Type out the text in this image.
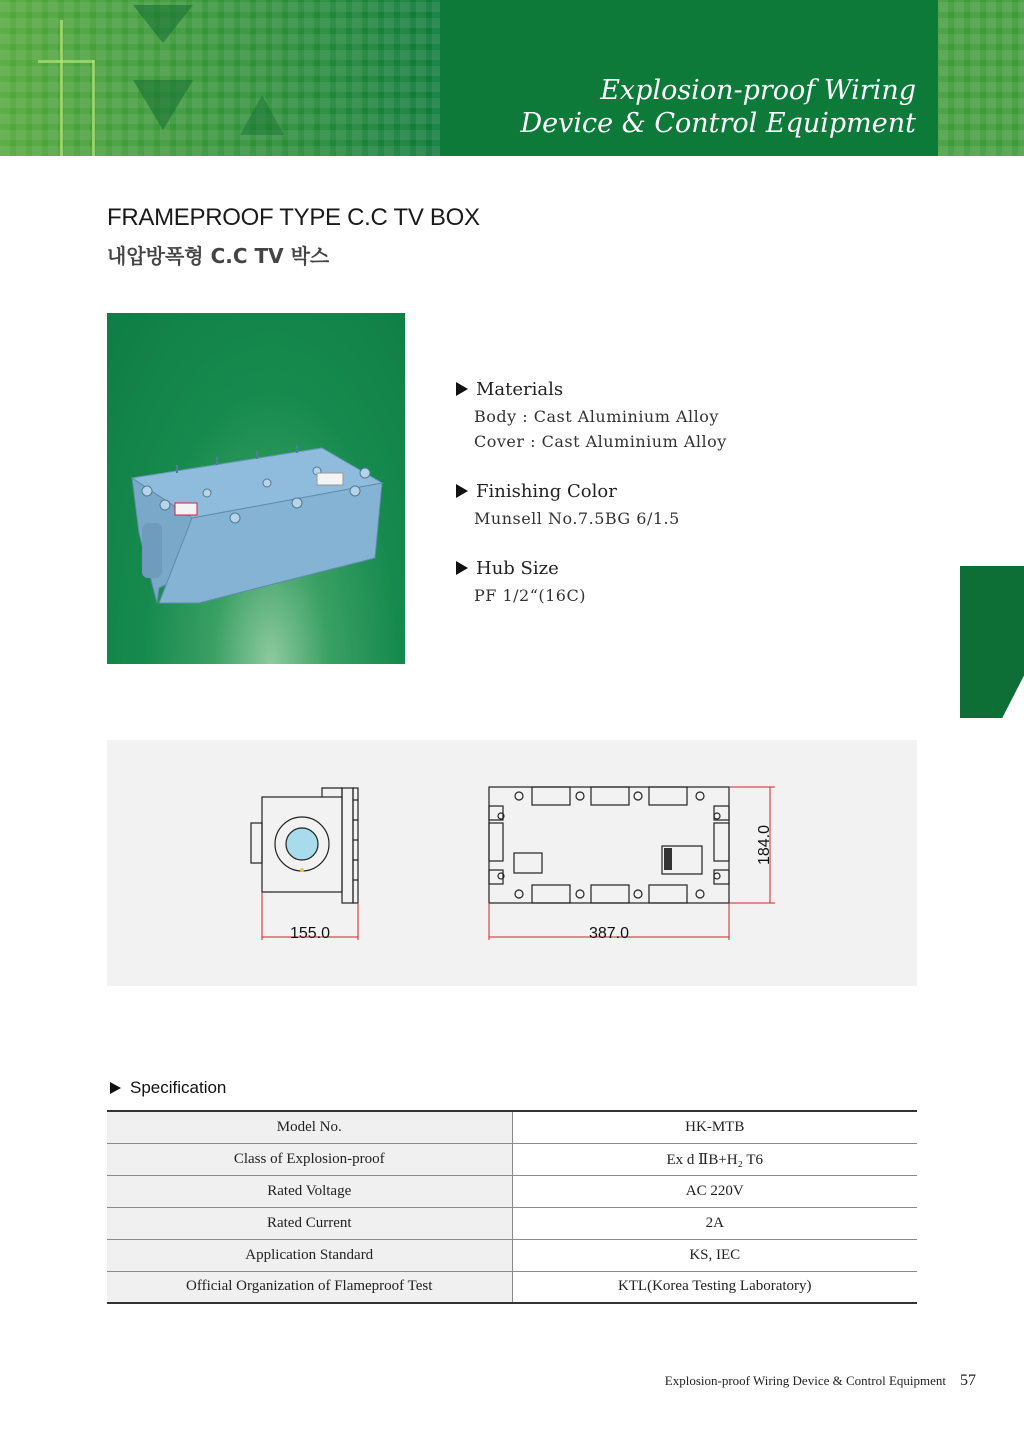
Explosion-proof Wiring
Device & Control Equipment
FRAMEPROOF TYPE C.C TV BOX
내압방폭형 C.C TV 박스
Materials
Body : Cast Aluminium Alloy
Cover : Cast Aluminium Alloy
Finishing Color
Munsell No.7.5BG 6/1.5
Hub Size
PF 1/2“(16C)
155.0	387.0
184.0
Specification
Model No.	HK-MTB
Class of Explosion-proof	Ex d ⅡB+H₂ T6
Rated Voltage	AC 220V
Rated Current	2A
Application Standard	KS, IEC
Official Organization of Flameproof Test	KTL(Korea Testing Laboratory)
Explosion-proof Wiring Device & Control Equipment 57
